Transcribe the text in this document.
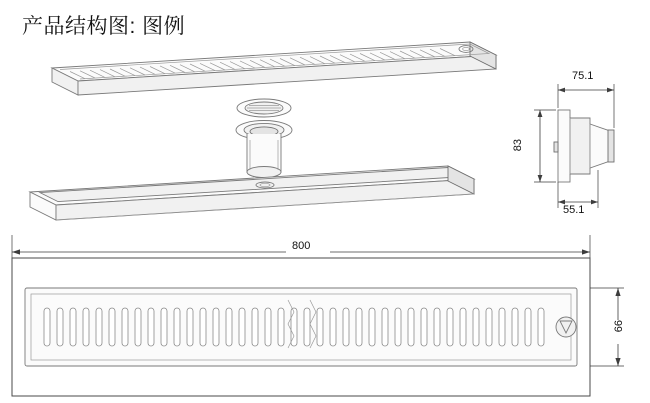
产品结构图: 图例
75.1
83
55.1
800
66
